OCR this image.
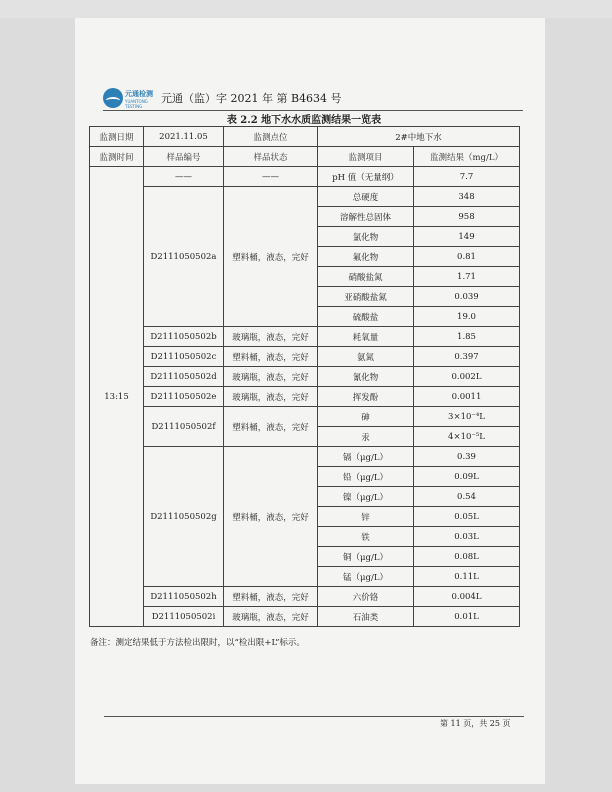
元通检测
YUANTONG TESTING
元通（监）字 2021 年 第 B4634 号
表 2.2 地下水水质监测结果一览表
监测日期	2021.11.05	监测点位	2#中地下水	
监测时间	样品编号	样品状态	监测项目	监测结果（mg/L）
13:15	——	——	pH 值（无量纲）	7.7
	D2111050502a	塑料桶，液态，完好	总硬度	348
			溶解性总固体	958
			氯化物	149
			氟化物	0.81
			硝酸盐氮	1.71
			亚硝酸盐氮	0.039
			硫酸盐	19.0
	D2111050502b	玻璃瓶，液态，完好	耗氧量	1.85
	D2111050502c	塑料桶，液态，完好	氨氮	0.397
	D2111050502d	玻璃瓶，液态，完好	氰化物	0.002L
	D2111050502e	玻璃瓶，液态，完好	挥发酚	0.0011
	D2111050502f	塑料桶，液态，完好	砷	3×10⁻⁴L
			汞	4×10⁻⁵L
	D2111050502g	塑料桶，液态，完好	镉（μg/L）	0.39
			铅（μg/L）	0.09L
			镍（μg/L）	0.54
			锌	0.05L
			铁	0.03L
			铜（μg/L）	0.08L
			锰（μg/L）	0.11L
	D2111050502h	塑料桶，液态，完好	六价铬	0.004L
	D2111050502i	玻璃瓶，液态，完好	石油类	0.01L
备注：测定结果低于方法检出限时，以“检出限+L”标示。
第 11 页，共 25 页
